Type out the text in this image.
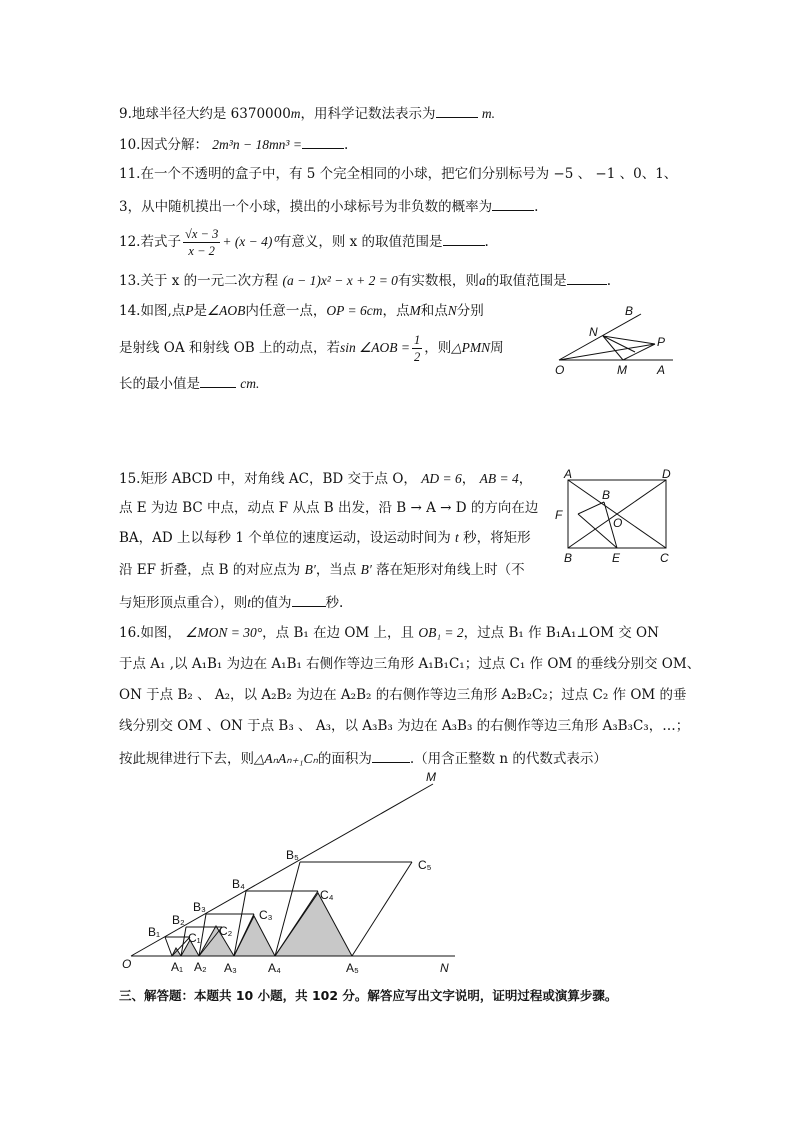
9.地球半径大约是 6370000m，用科学记数法表示为	m.
10.因式分解： 2m³n − 18mn³ =	.
11.在一个不透明的盒子中，有 5 个完全相同的小球，把它们分别标号为 −5 、 −1 、0、1、
3，从中随机摸出一个小球，摸出的小球标号为非负数的概率为	.
12.若式子 $\frac{√x - 3}{x - 2} + (x - 4)^0$有意义，则 x 的取值范围是	.
13.关于 x 的一元二次方程 (a − 1)x² − x + 2 = 0有实数根，则a的取值范围是	.
14.如图,点P是∠AOB内任意一点，OP = 6cm，点M和点N分别
是射线 OA 和射线 OB 上的动点，若sin ∠AOB = $\frac{1}{2}$ ，则△PMN周
长的最小值是	cm.
B
N
P
O	M	A
15.矩形 ABCD 中，对角线 AC，BD 交于点 O， AD = 6， AB = 4，
点 E 为边 BC 中点，动点 F 从点 B 出发，沿 B → A → D 的方向在边
BA，AD 上以每秒 1 个单位的速度运动，设运动时间为 t 秒，将矩形
沿 EF 折叠，点 B 的对应点为 B′，当点 B′ 落在矩形对角线上时（不
与矩形顶点重合），则t的值为	秒.
A	D
B
F
O
B	E	C
16.如图， ∠MON = 30°，点 B₁ 在边 OM 上，且 OB₁ = 2，过点 B₁ 作 B₁A₁⊥OM 交 ON
于点 A₁ ,以 A₁B₁ 为边在 A₁B₁ 右侧作等边三角形 A₁B₁C₁；过点 C₁ 作 OM 的垂线分别交 OM、
ON 于点 B₂ 、 A₂，以 A₂B₂ 为边在 A₂B₂ 的右侧作等边三角形 A₂B₂C₂；过点 C₂ 作 OM 的垂
线分别交 OM 、ON 于点 B₃ 、 A₃，以 A₃B₃ 为边在 A₃B₃ 的右侧作等边三角形 A₃B₃C₃，…；
按此规律进行下去，则△AₙAₙ₊₁Cₙ的面积为	.（用含正整数 n 的代数式表示）
M
O	N
B₁
B₂
B₃
B₄
B₅
A₁ A₂ A₃	A₄	A₅
C₁ C₂
C₃
C₄
C₅
三、解答题：本题共 10 小题，共 102 分。解答应写出文字说明，证明过程或演算步骤。
